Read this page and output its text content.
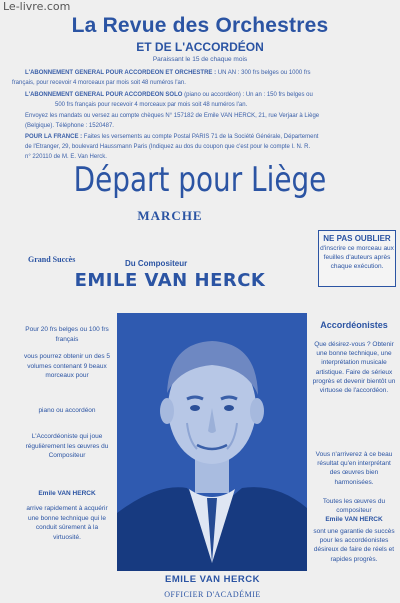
Le-livre.com
La Revue des Orchestres
ET DE L'ACCORDÉON
Paraissant le 15 de chaque mois
L'ABONNEMENT GENERAL POUR ACCORDEON ET ORCHESTRE : UN AN : 300 frs belges ou 1000 frs
français, pour recevoir 4 morceaux par mois soit 48 numéros l'an.
L'ABONNEMENT GENERAL POUR ACCORDEON SOLO (piano ou accordéon) : Un an : 150 frs belges ou
500 frs français pour recevoir 4 morceaux par mois soit 48 numéros l'an.
Envoyez les mandats ou versez au compte chèques N° 157182 de Emile VAN HERCK, 21, rue Verjaar à Liège
(Belgique). Téléphone : 1520487.
POUR LA FRANCE : Faites les versements au compte Postal PARIS 71 de la Société Générale, Département
de l'Etranger, 29, boulevard Haussmann Paris (Indiquez au dos du coupon que c'est pour le compte I. N. R.
n° 220110 de M. E. Van Herck.
Départ pour Liège
MARCHE
NE PAS OUBLIER
d'inscrire ce morceau aux feuilles d'auteurs après chaque exécution.
Grand Succès	Du Compositeur
EMILE VAN HERCK
Pour 20 frs belges ou 100 frs français
vous pourrez obtenir un des 5 volumes contenant 9 beaux morceaux pour
piano ou accordéon
L'Accordéoniste qui joue régulièrement les œuvres du Compositeur
Emile VAN HERCK
arrive rapidement à acquérir une bonne technique qui le conduit sûrement à la virtuosité.
Accordéonistes
Que désirez-vous ? Obtenir une bonne technique, une interprétation musicale artistique. Faire de sérieux progrès et devenir bientôt un virtuose de l'accordéon.
Vous n'arriverez à ce beau résultat qu'en interprétant des œuvres bien harmonisées.
Toutes les œuvres du compositeur
Emile VAN HERCK
sont une garantie de succès pour les accordéonistes désireux de faire de réels et rapides progrès.
EMILE VAN HERCK
OFFICIER D'ACADÉMIE
